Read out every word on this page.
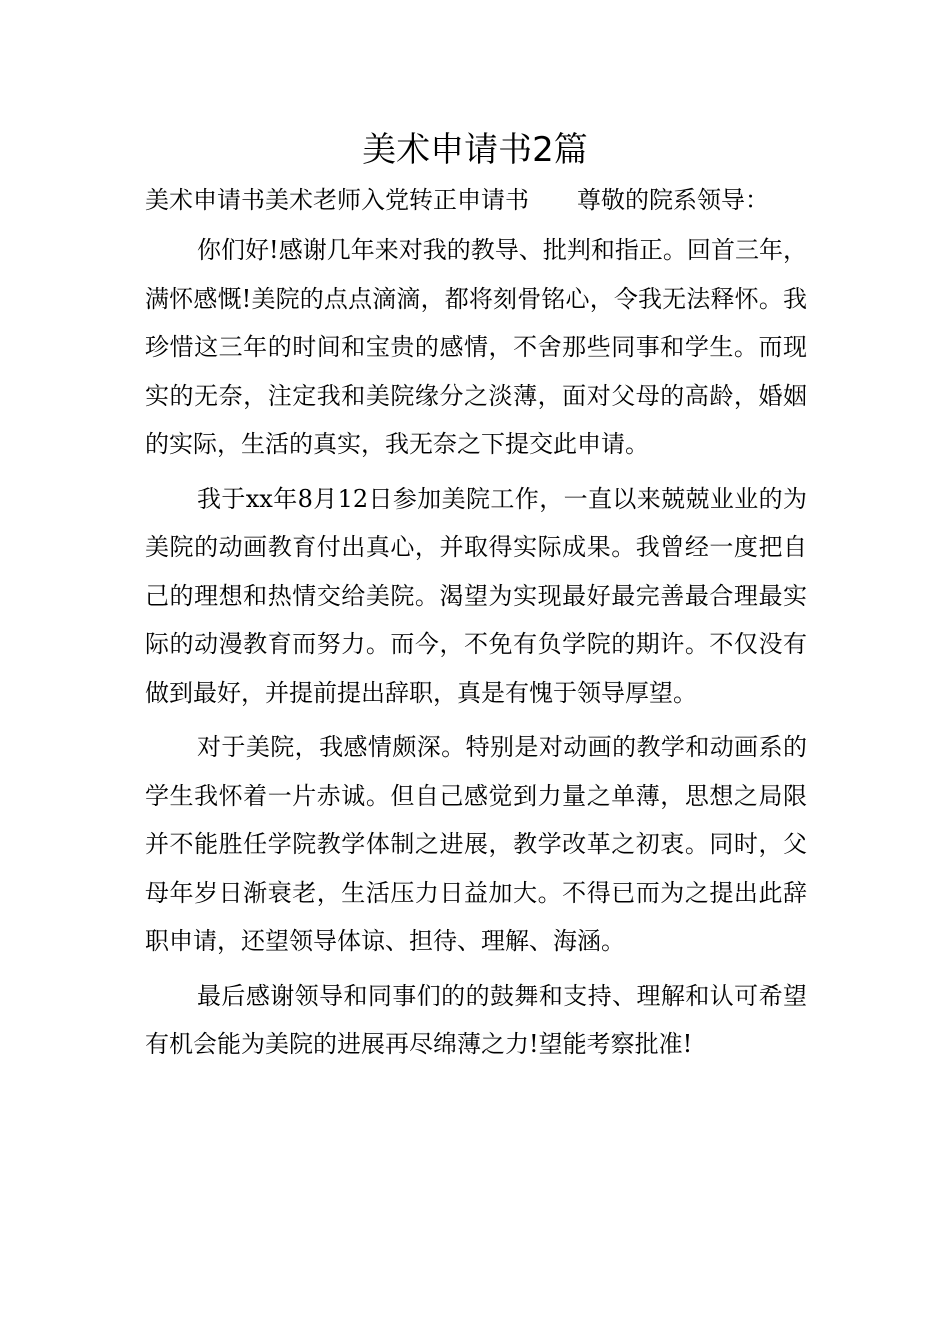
美术申请书2篇
美术申请书美术老师入党转正申请书 尊敬的院系领导：

你们好!感谢几年来对我的教导、批判和指正。回首三年，满怀感慨!美院的点点滴滴，都将刻骨铭心，令我无法释怀。我珍惜这三年的时间和宝贵的感情，不舍那些同事和学生。而现实的无奈，注定我和美院缘分之淡薄，面对父母的高龄，婚姻的实际，生活的真实，我无奈之下提交此申请。

我于xx年8月12日参加美院工作，一直以来兢兢业业的为美院的动画教育付出真心，并取得实际成果。我曾经一度把自己的理想和热情交给美院。渴望为实现最好最完善最合理最实际的动漫教育而努力。而今，不免有负学院的期许。不仅没有做到最好，并提前提出辞职，真是有愧于领导厚望。

对于美院，我感情颇深。特别是对动画的教学和动画系的学生我怀着一片赤诚。但自己感觉到力量之单薄，思想之局限并不能胜任学院教学体制之进展，教学改革之初衷。同时，父母年岁日渐衰老，生活压力日益加大。不得已而为之提出此辞职申请，还望领导体谅、担待、理解、海涵。

最后感谢领导和同事们的的鼓舞和支持、理解和认可希望有机会能为美院的进展再尽绵薄之力!望能考察批准!
